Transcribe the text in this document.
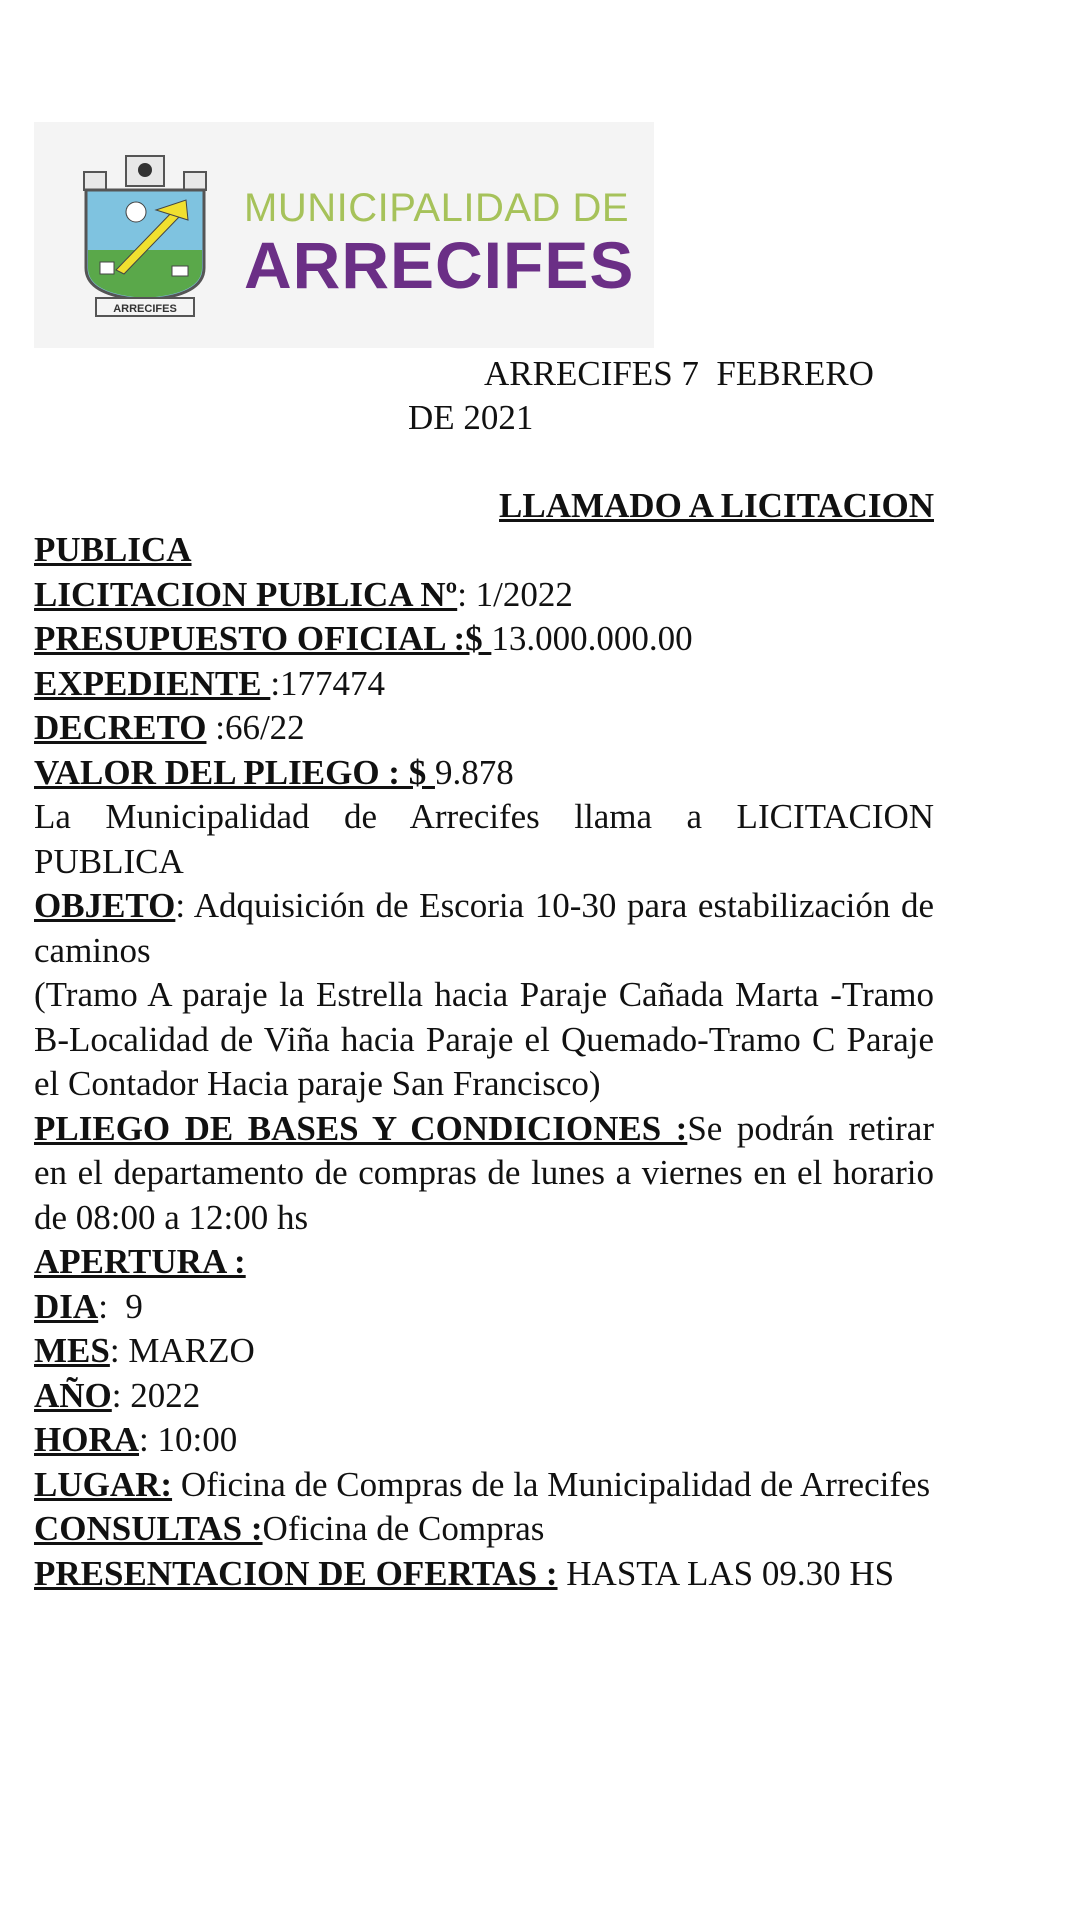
ARRECIFES
MUNICIPALIDAD DE
ARRECIFES
ARRECIFES 7  FEBRERO
DE 2021
LLAMADO A LICITACION

PUBLICA

LICITACION PUBLICA Nº: 1/2022

PRESUPUESTO OFICIAL :$ 13.000.000.00

EXPEDIENTE :177474

DECRETO :66/22

VALOR DEL PLIEGO : $ 9.878

La Municipalidad de Arrecifes llama a LICITACION PUBLICA

OBJETO: Adquisición de Escoria 10-30 para estabilización de caminos

(Tramo A paraje la Estrella hacia Paraje Cañada Marta -Tramo B-Localidad de Viña hacia Paraje el Quemado-Tramo C Paraje el Contador Hacia paraje San Francisco)

PLIEGO DE BASES Y CONDICIONES :Se podrán retirar en el departamento de compras de lunes a viernes en el horario de 08:00 a 12:00 hs

APERTURA :

DIA:  9

MES: MARZO

AÑO: 2022

HORA: 10:00

LUGAR: Oficina de Compras de la Municipalidad de Arrecifes

CONSULTAS :Oficina de Compras

PRESENTACION DE OFERTAS : HASTA LAS 09.30 HS
